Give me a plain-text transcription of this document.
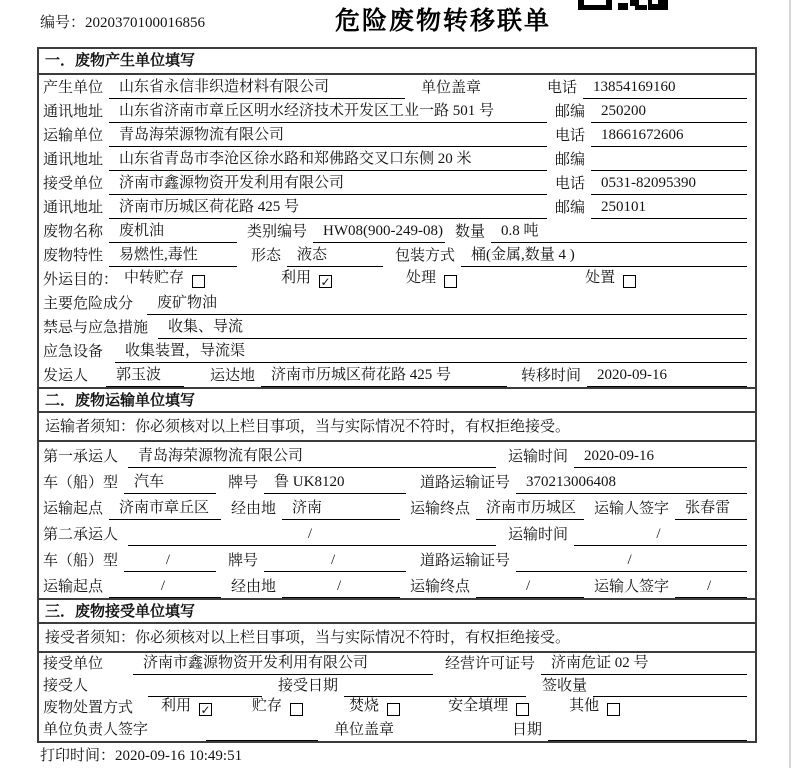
编号：2020370100016856	危险废物转移联单
一．废物产生单位填写
产生单位	山东省永信非织造材料有限公司	单位盖章	电话	13854169160
通讯地址	山东省济南市章丘区明水经济技术开发区工业一路 501 号	邮编	250200
运输单位	青岛海荣源物流有限公司	电话	18661672606
通讯地址	山东省青岛市李沧区徐水路和郑佛路交叉口东侧 20 米	邮编
接受单位	济南市鑫源物资开发利用有限公司	电话	0531-82095390
通讯地址	济南市历城区荷花路 425 号	邮编	250101
废物名称	废机油	类别编号	HW08(900-249-08) 数量	0.8 吨
废物特性	易燃性,毒性	形态	液态	包装方式	桶(金属,数量 4 )
外运目的： 中转贮存	利用 ✓	处理	处置
主要危险成分	废矿物油
禁忌与应急措施	收集、导流
应急设备	收集装置，导流渠
发运人	郭玉波	运达地	济南市历城区荷花路 425 号	转移时间	2020-09-16
二．废物运输单位填写
运输者须知：你必须核对以上栏目事项，当与实际情况不符时，有权拒绝接受。
第一承运人	青岛海荣源物流有限公司	运输时间	2020-09-16
车（船）型	汽车	牌号	鲁 UK8120	道路运输证号	370213006408
运输起点	济南市章丘区	经由地	济南	运输终点	济南市历城区	运输人签字	张春雷
第二承运人	/	运输时间	/
车（船）型	/	牌号	/	道路运输证号	/
运输起点	/	经由地	/	运输终点	/	运输人签字	/
三．废物接受单位填写
接受者须知：你必须核对以上栏目事项，当与实际情况不符时，有权拒绝接受。
接受单位	济南市鑫源物资开发利用有限公司	经营许可证号	济南危证 02 号
接受人	接受日期	签收量
废物处置方式 利用 ✓	贮存	焚烧	安全填埋	其他
单位负责人签字	单位盖章	日期
打印时间：2020-09-16 10:49:51
